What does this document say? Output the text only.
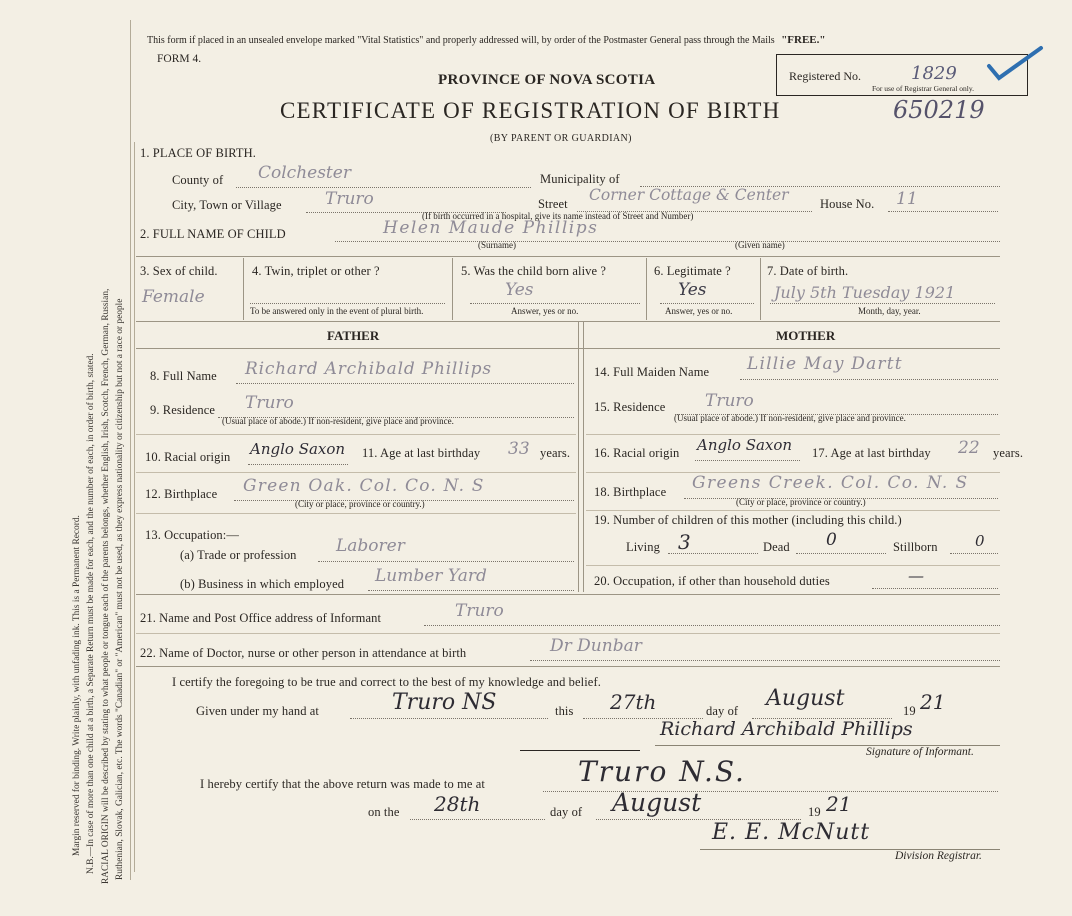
Margin reserved for binding. Write plainly, with unfading ink. This is a Permanent Record. N.B.—In case of more than one child at a birth, a Separate Return must be made for each, and the number of each, in order of birth, stated. RACIAL ORIGIN will be described by stating to what people or tongue each of the parents belongs, whether English, Irish, Scotch, French, German, Russian, Ruthenian, Slovak, Galician, etc. The words "Canadian" or "American" must not be used, as they express nationality or citizenship but not a race or people
This form if placed in an unsealed envelope marked "Vital Statistics" and properly addressed will, by order of the Postmaster General pass through the Mails "FREE."
FORM 4.
PROVINCE OF NOVA SCOTIA
CERTIFICATE OF REGISTRATION OF BIRTH	650219
(BY PARENT OR GUARDIAN)
Registered No.	1829
For use of Registrar General only.
1. PLACE OF BIRTH.
County of Colchester	Municipality of
City, Town or Village	Truro	Street Corner Cottage & Center	House No. 11
(If birth occurred in a hospital, give its name instead of Street and Number)
2. FULL NAME OF CHILD	Helen Maude Phillips
(Surname)	(Given name)
3. Sex of child.
Female
4. Twin, triplet or other ?
To be answered only in the event of plural birth.
5. Was the child born alive ?
Yes
Answer, yes or no.
6. Legitimate ?
Yes
Answer, yes or no.
7. Date of birth.
July 5th Tuesday 1921
Month, day, year.
FATHER	MOTHER
8. Full Name Richard Archibald Phillips
9. Residence Truro
(Usual place of abode.) If non-resident, give place and province.
10. Racial origin Anglo Saxon 11. Age at last birthday 33 years.
12. Birthplace Green Oak. Col. Co. N. S
(City or place, province or country.)
13. Occupation:—
(a) Trade or profession Laborer
(b) Business in which employed Lumber Yard
14. Full Maiden Name Lillie May Dartt
15. Residence Truro
(Usual place of abode.) If non-resident, give place and province.
16. Racial origin Anglo Saxon 17. Age at last birthday 22 years.
18. Birthplace Greens Creek. Col. Co. N. S
(City or place, province or country.)
19. Number of children of this mother (including this child.)
Living 3	Dead 0	Stillborn 0
20. Occupation, if other than household duties	—
21. Name and Post Office address of Informant	Truro
22. Name of Doctor, nurse or other person in attendance at birth	Dr Dunbar
I certify the foregoing to be true and correct to the best of my knowledge and belief.
Given under my hand at	Truro NS	this 27th	day of August	19 21
Richard Archibald Phillips
Signature of Informant.
I hereby certify that the above return was made to me at	Truro N.S.
on the 28th	day of August	19 21
E. E. McNutt
Division Registrar.
